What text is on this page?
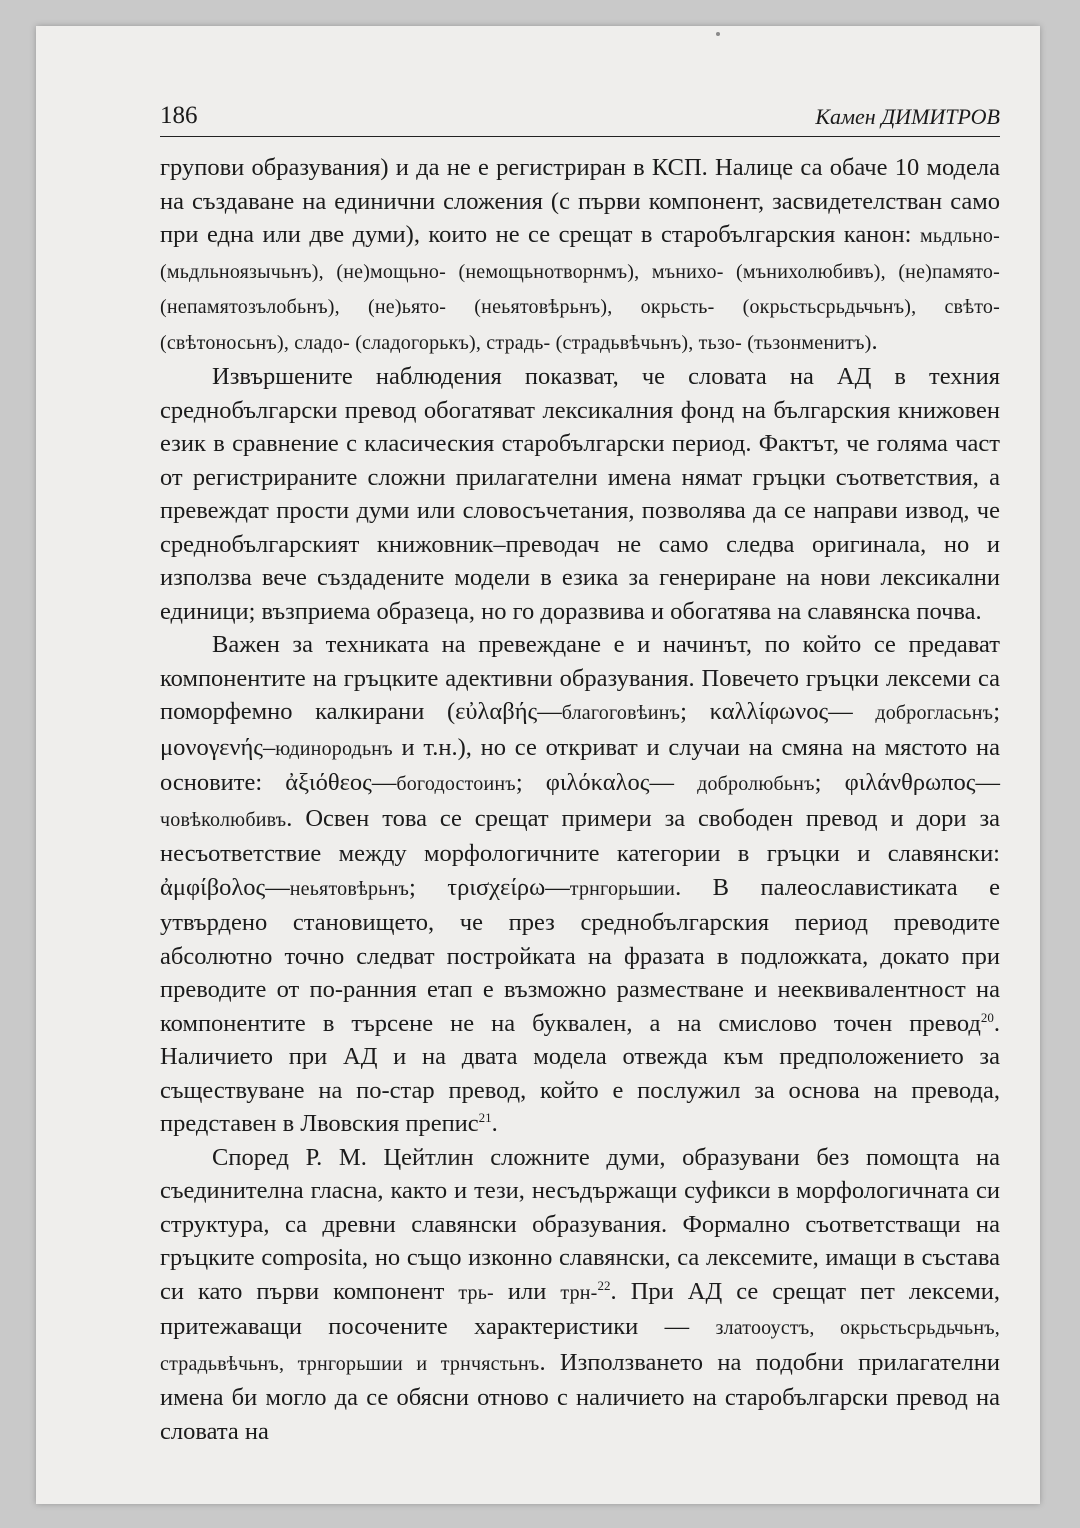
186	Камен ДИМИТРОВ

групови образувания) и да не е регистриран в КСП. Налице са обаче 10 модела на създаване на единични сложения (с първи компонент, засвидетелстван само при една или две думи), които не се срещат в старобългарския канон: мьдльно- (мьдльноязычьнъ), (не)мощьно- (немощьнотворнмъ), мънихо- (мънихолюбивъ), (не)памято- (непамятозълобьнъ), (не)ьято- (неьятовѣрьнъ), окрьсть- (окрьстьсрьдьчьнъ), свѣто- (свѣтоносьнъ), сладо- (сладогорькъ), страдь- (страдьвѣчьнъ), тьзо- (тьзонменитъ).

Извършените наблюдения показват, че словата на АД в техния среднобългарски превод обогатяват лексикалния фонд на българския книжовен език в сравнение с класическия старобългарски период. Фактът, че голяма част от регистрираните сложни прилагателни имена нямат гръцки съответствия, а превеждат прости думи или словосъчетания, позволява да се направи извод, че среднобългарският книжовник–преводач не само следва оригинала, но и използва вече създадените модели в езика за генериране на нови лексикални единици; възприема образеца, но го доразвива и обогатява на славянска почва.

Важен за техниката на превеждане е и начинът, по който се предават компонентите на гръцките адективни образувания. Повечето гръцки лексеми са поморфемно калкирани (εὐλαβής—благоговѣинъ; καλλίφωνος— доброгласьнъ; μονογενής–юдинородьнъ и т.н.), но се откриват и случаи на смяна на мястото на основите: ἀξιόθεος—богодостоинъ; φιλόκαλος— добролюбьнъ; φιλάνθρωπος—човѣколюбивъ. Освен това се срещат примери за свободен превод и дори за несъответствие между морфологичните категории в гръцки и славянски: ἀμφίβολος—неьятовѣрьнъ; τρισχείρω—трнгорьшии. В палеославистиката е утвърдено становището, че през среднобългарския период преводите абсолютно точно следват постройката на фразата в подложката, докато при преводите от по-ранния етап е възможно разместване и нееквивалентност на компонентите в търсене не на буквален, а на смислово точен превод$^{20}$. Наличието при АД и на двата модела отвежда към предположението за съществуване на по-стар превод, който е послужил за основа на превода, представен в Лвовския препис$^{21}$.

Според Р. М. Цейтлин сложните думи, образувани без помощта на съединителна гласна, както и тези, несъдържащи суфикси в морфологичната си структура, са древни славянски образувания. Формално съответстващи на гръцките composita, но също изконно славянски, са лексемите, имащи в състава си като първи компонент трь- или трн-$^{22}$. При АД се срещат пет лексеми, притежаващи посочените характеристики — златооустъ, окрьстьсрьдьчьнъ, страдьвѣчьнъ, трнгорьшии и трнчястьнъ. Използването на подобни прилагателни имена би могло да се обясни отново с наличието на старобългарски превод на словата на
